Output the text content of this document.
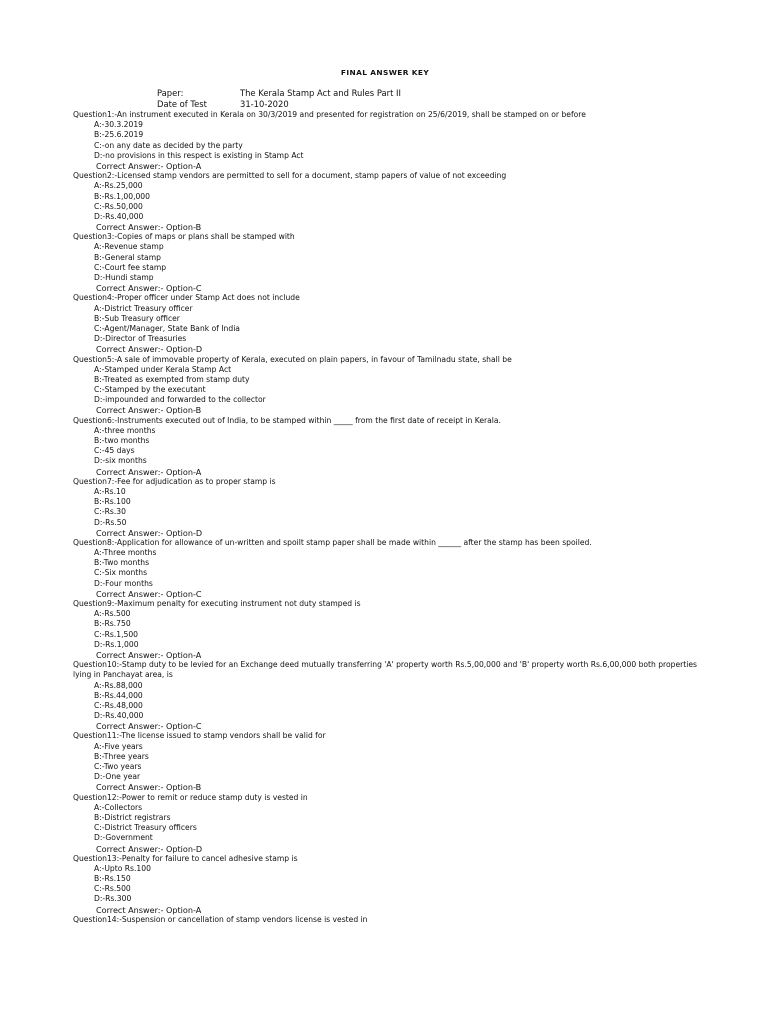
FINAL ANSWER KEY
Paper:	The Kerala Stamp Act and Rules Part II
Date of Test	31-10-2020
Question1:-An instrument executed in Kerala on 30/3/2019 and presented for registration on 25/6/2019, shall be stamped on or before
A:-30.3.2019
B:-25.6.2019
C:-on any date as decided by the party
D:-no provisions in this respect is existing in Stamp Act
Correct Answer:- Option-A
Question2:-Licensed stamp vendors are permitted to sell for a document, stamp papers of value of not exceeding
A:-Rs.25,000
B:-Rs.1,00,000
C:-Rs.50,000
D:-Rs.40,000
Correct Answer:- Option-B
Question3:-Copies of maps or plans shall be stamped with
A:-Revenue stamp
B:-General stamp
C:-Court fee stamp
D:-Hundi stamp
Correct Answer:- Option-C
Question4:-Proper officer under Stamp Act does not include
A:-District Treasury officer
B:-Sub Treasury officer
C:-Agent/Manager, State Bank of India
D:-Director of Treasuries
Correct Answer:- Option-D
Question5:-A sale of immovable property of Kerala, executed on plain papers, in favour of Tamilnadu state, shall be
A:-Stamped under Kerala Stamp Act
B:-Treated as exempted from stamp duty
C:-Stamped by the executant
D:-impounded and forwarded to the collector
Correct Answer:- Option-B
Question6:-Instruments executed out of India, to be stamped within _____ from the first date of receipt in Kerala.
A:-three months
B:-two months
C:-45 days
D:-six months
Correct Answer:- Option-A
Question7:-Fee for adjudication as to proper stamp is
A:-Rs.10
B:-Rs.100
C:-Rs.30
D:-Rs.50
Correct Answer:- Option-D
Question8:-Application for allowance of un-written and spoilt stamp paper shall be made within ______ after the stamp has been spoiled.
A:-Three months
B:-Two months
C:-Six months
D:-Four months
Correct Answer:- Option-C
Question9:-Maximum penalty for executing instrument not duty stamped is
A:-Rs.500
B:-Rs.750
C:-Rs.1,500
D:-Rs.1,000
Correct Answer:- Option-A
Question10:-Stamp duty to be levied for an Exchange deed mutually transferring 'A' property worth Rs.5,00,000 and 'B' property worth Rs.6,00,000 both properties lying in Panchayat area, is
A:-Rs.88,000
B:-Rs.44,000
C:-Rs.48,000
D:-Rs.40,000
Correct Answer:- Option-C
Question11:-The license issued to stamp vendors shall be valid for
A:-Five years
B:-Three years
C:-Two years
D:-One year
Correct Answer:- Option-B
Question12:-Power to remit or reduce stamp duty is vested in
A:-Collectors
B:-District registrars
C:-District Treasury officers
D:-Government
Correct Answer:- Option-D
Question13:-Penalty for failure to cancel adhesive stamp is
A:-Upto Rs.100
B:-Rs.150
C:-Rs.500
D:-Rs.300
Correct Answer:- Option-A
Question14:-Suspension or cancellation of stamp vendors license is vested in
